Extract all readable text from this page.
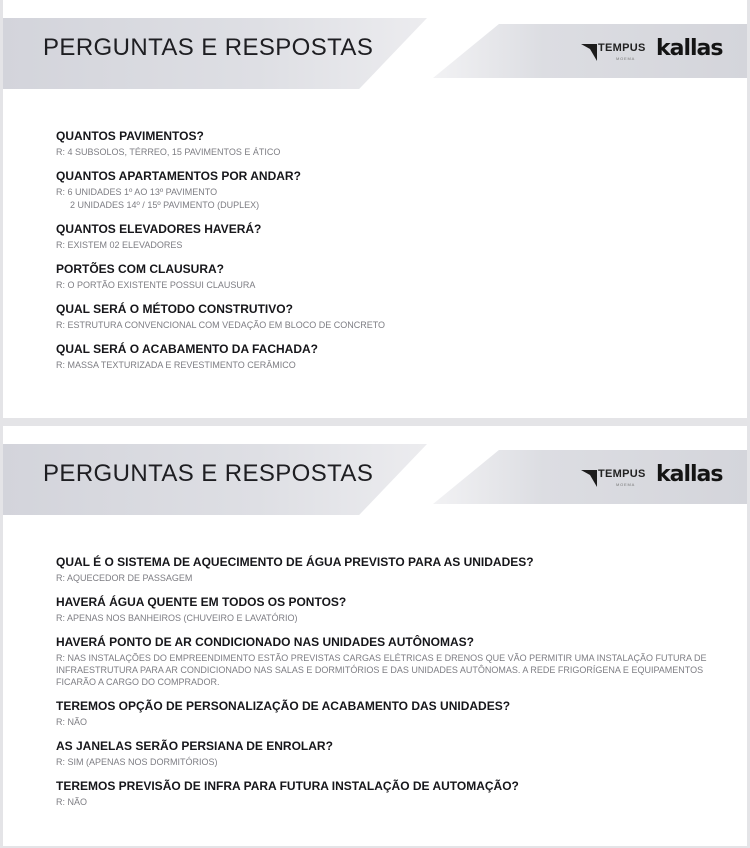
PERGUNTAS E RESPOSTAS	TEMPUS
MOEMA kallas
QUANTOS PAVIMENTOS?
R: 4 SUBSOLOS, TÉRREO, 15 PAVIMENTOS E ÁTICO
QUANTOS APARTAMENTOS POR ANDAR?
R: 6 UNIDADES 1º AO 13º PAVIMENTO
2 UNIDADES 14º / 15º PAVIMENTO (DUPLEX)
QUANTOS ELEVADORES HAVERÁ?
R: EXISTEM 02 ELEVADORES
PORTÕES COM CLAUSURA?
R: O PORTÃO EXISTENTE POSSUI CLAUSURA
QUAL SERÁ O MÉTODO CONSTRUTIVO?
R: ESTRUTURA CONVENCIONAL COM VEDAÇÃO EM BLOCO DE CONCRETO
QUAL SERÁ O ACABAMENTO DA FACHADA?
R: MASSA TEXTURIZADA E REVESTIMENTO CERÂMICO
PERGUNTAS E RESPOSTAS	TEMPUS
MOEMA kallas
QUAL É O SISTEMA DE AQUECIMENTO DE ÁGUA PREVISTO PARA AS UNIDADES?
R: AQUECEDOR DE PASSAGEM
HAVERÁ ÁGUA QUENTE EM TODOS OS PONTOS?
R: APENAS NOS BANHEIROS (CHUVEIRO E LAVATÓRIO)
HAVERÁ PONTO DE AR CONDICIONADO NAS UNIDADES AUTÔNOMAS?
R: NAS INSTALAÇÕES DO EMPREENDIMENTO ESTÃO PREVISTAS CARGAS ELÉTRICAS E DRENOS QUE VÃO PERMITIR UMA INSTALAÇÃO FUTURA DE INFRAESTRUTURA PARA AR CONDICIONADO NAS SALAS E DORMITÓRIOS E DAS UNIDADES AUTÔNOMAS. A REDE FRIGORÍGENA E EQUIPAMENTOS FICARÃO A CARGO DO COMPRADOR.
TEREMOS OPÇÃO DE PERSONALIZAÇÃO DE ACABAMENTO DAS UNIDADES?
R: NÃO
AS JANELAS SERÃO PERSIANA DE ENROLAR?
R: SIM (APENAS NOS DORMITÓRIOS)
TEREMOS PREVISÃO DE INFRA PARA FUTURA INSTALAÇÃO DE AUTOMAÇÃO?
R: NÃO
